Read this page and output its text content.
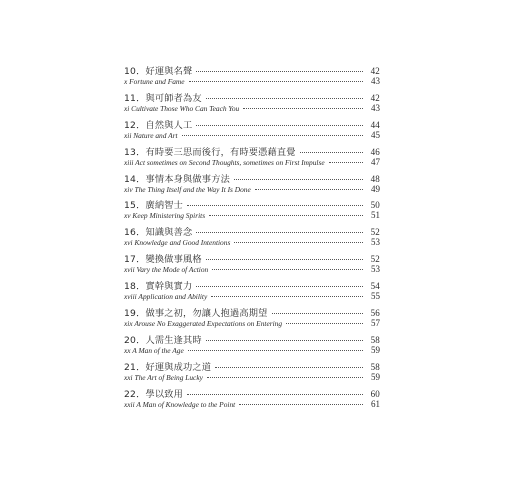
10．好運與名聲	42
x Fortune and Fame	43
11．與可師者為友	42
xi Cultivate Those Who Can Teach You	43
12．自然與人工	44
xii Nature and Art	45
13．有時要三思而後行，有時要憑藉直覺	46
xiii Act sometimes on Second Thoughts, sometimes on First Impulse	47
14．事情本身與做事方法	48
xiv The Thing Itself and the Way It Is Done	49
15．廣納智士	50
xv Keep Ministering Spirits	51
16．知識與善念	52
xvi Knowledge and Good Intentions	53
17．變換做事風格	52
xvii Vary the Mode of Action	53
18．實幹與實力	54
xviii Application and Ability	55
19．做事之初，勿讓人抱過高期望	56
xix Arouse No Exaggerated Expectations on Entering	57
20．人需生逢其時	58
xx A Man of the Age	59
21．好運與成功之道	58
xxi The Art of Being Lucky	59
22．學以致用	60
xxii A Man of Knowledge to the Point	61
